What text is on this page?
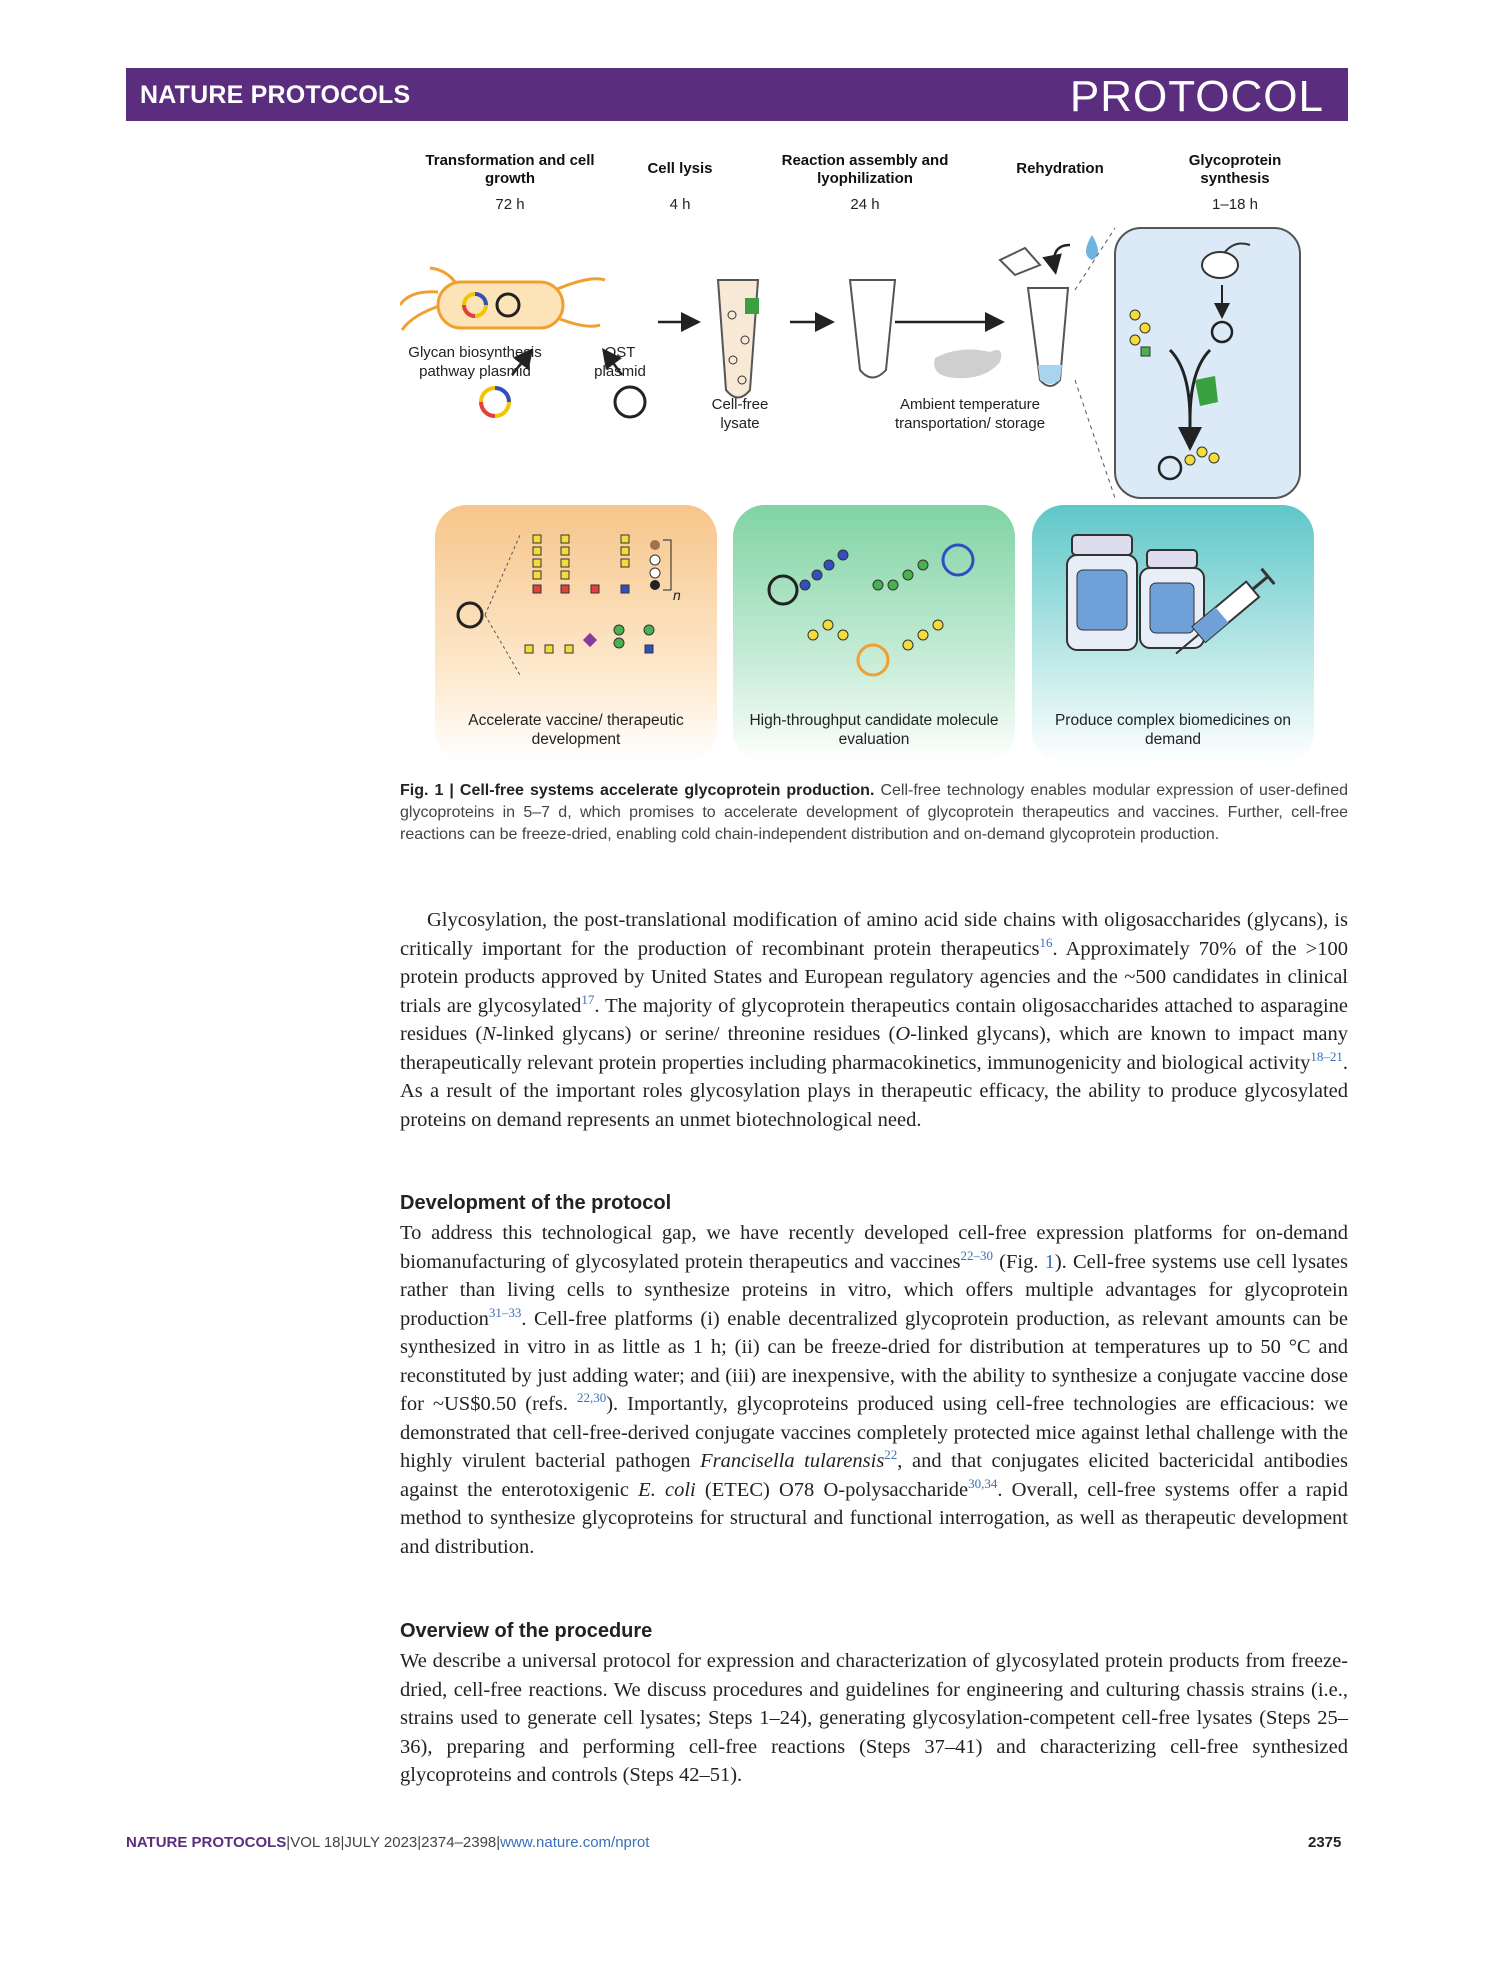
NATURE PROTOCOLS	PROTOCOL
Transformation and cell growth
72 h
Cell lysis
4 h
Reaction assembly and lyophilization
24 h
Rehydration	Glycoprotein synthesis
1–18 h
Glycan biosynthesis pathway plasmid
OST plasmid
Cell-free lysate
Ambient temperature transportation/ storage
n
Accelerate vaccine/ therapeutic development
High-throughput candidate molecule evaluation
Produce complex biomedicines on demand
Fig. 1 | Cell-free systems accelerate glycoprotein production. Cell-free technology enables modular expression of user-defined glycoproteins in 5–7 d, which promises to accelerate development of glycoprotein therapeutics and vaccines. Further, cell-free reactions can be freeze-dried, enabling cold chain-independent distribution and on-demand glycoprotein production.

Glycosylation, the post-translational modification of amino acid side chains with oligosaccharides (glycans), is critically important for the production of recombinant protein therapeutics$^{16}$. Approximately 70% of the >100 protein products approved by United States and European regulatory agencies and the ~500 candidates in clinical trials are glycosylated$^{17}$. The majority of glycoprotein therapeutics contain oligosaccharides attached to asparagine residues (N-linked glycans) or serine/ threonine residues (O-linked glycans), which are known to impact many therapeutically relevant protein properties including pharmacokinetics, immunogenicity and biological activity$^{18-21}$. As a result of the important roles glycosylation plays in therapeutic efficacy, the ability to produce glycosylated proteins on demand represents an unmet biotechnological need.

Development of the protocol

To address this technological gap, we have recently developed cell-free expression platforms for on-demand biomanufacturing of glycosylated protein therapeutics and vaccines$^{22-30}$ (Fig. 1). Cell-free systems use cell lysates rather than living cells to synthesize proteins in vitro, which offers multiple advantages for glycoprotein production$^{31-33}$. Cell-free platforms (i) enable decentralized glycoprotein production, as relevant amounts can be synthesized in vitro in as little as 1 h; (ii) can be freeze-dried for distribution at temperatures up to 50 °C and reconstituted by just adding water; and (iii) are inexpensive, with the ability to synthesize a conjugate vaccine dose for ~US$0.50 (refs. $^{22,30}$). Importantly, glycoproteins produced using cell-free technologies are efficacious: we demonstrated that cell-free-derived conjugate vaccines completely protected mice against lethal challenge with the highly virulent bacterial pathogen Francisella tularensis$^{22}$, and that conjugates elicited bactericidal antibodies against the enterotoxigenic E. coli (ETEC) O78 O-polysaccharide$^{30,34}$. Overall, cell-free systems offer a rapid method to synthesize glycoproteins for structural and functional interrogation, as well as therapeutic development and distribution.

Overview of the procedure

We describe a universal protocol for expression and characterization of glycosylated protein products from freeze-dried, cell-free reactions. We discuss procedures and guidelines for engineering and culturing chassis strains (i.e., strains used to generate cell lysates; Steps 1–24), generating glycosylation-competent cell-free lysates (Steps 25–36), preparing and performing cell-free reactions (Steps 37–41) and characterizing cell-free synthesized glycoproteins and controls (Steps 42–51).

NATURE PROTOCOLS|VOL 18|JULY 2023|2374–2398|www.nature.com/nprot	2375
